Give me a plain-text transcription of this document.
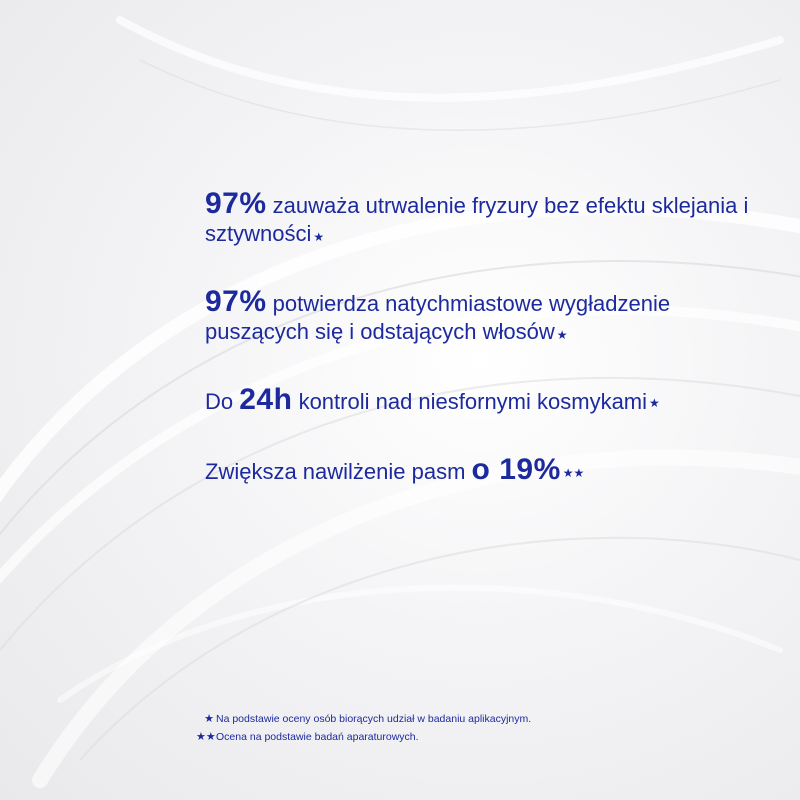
97% zauważa utrwalenie fryzury bez efektu sklejania i sztywności ★

97% potwierdza natychmiastowe wygładzenie puszących się i odstających włosów ★

Do 24h kontroli nad niesfornymi kosmykami ★

Zwiększa nawilżenie pasm o 19% ★★

★ Na podstawie oceny osób biorących udział w badaniu aplikacyjnym.
★★Ocena na podstawie badań aparaturowych.
